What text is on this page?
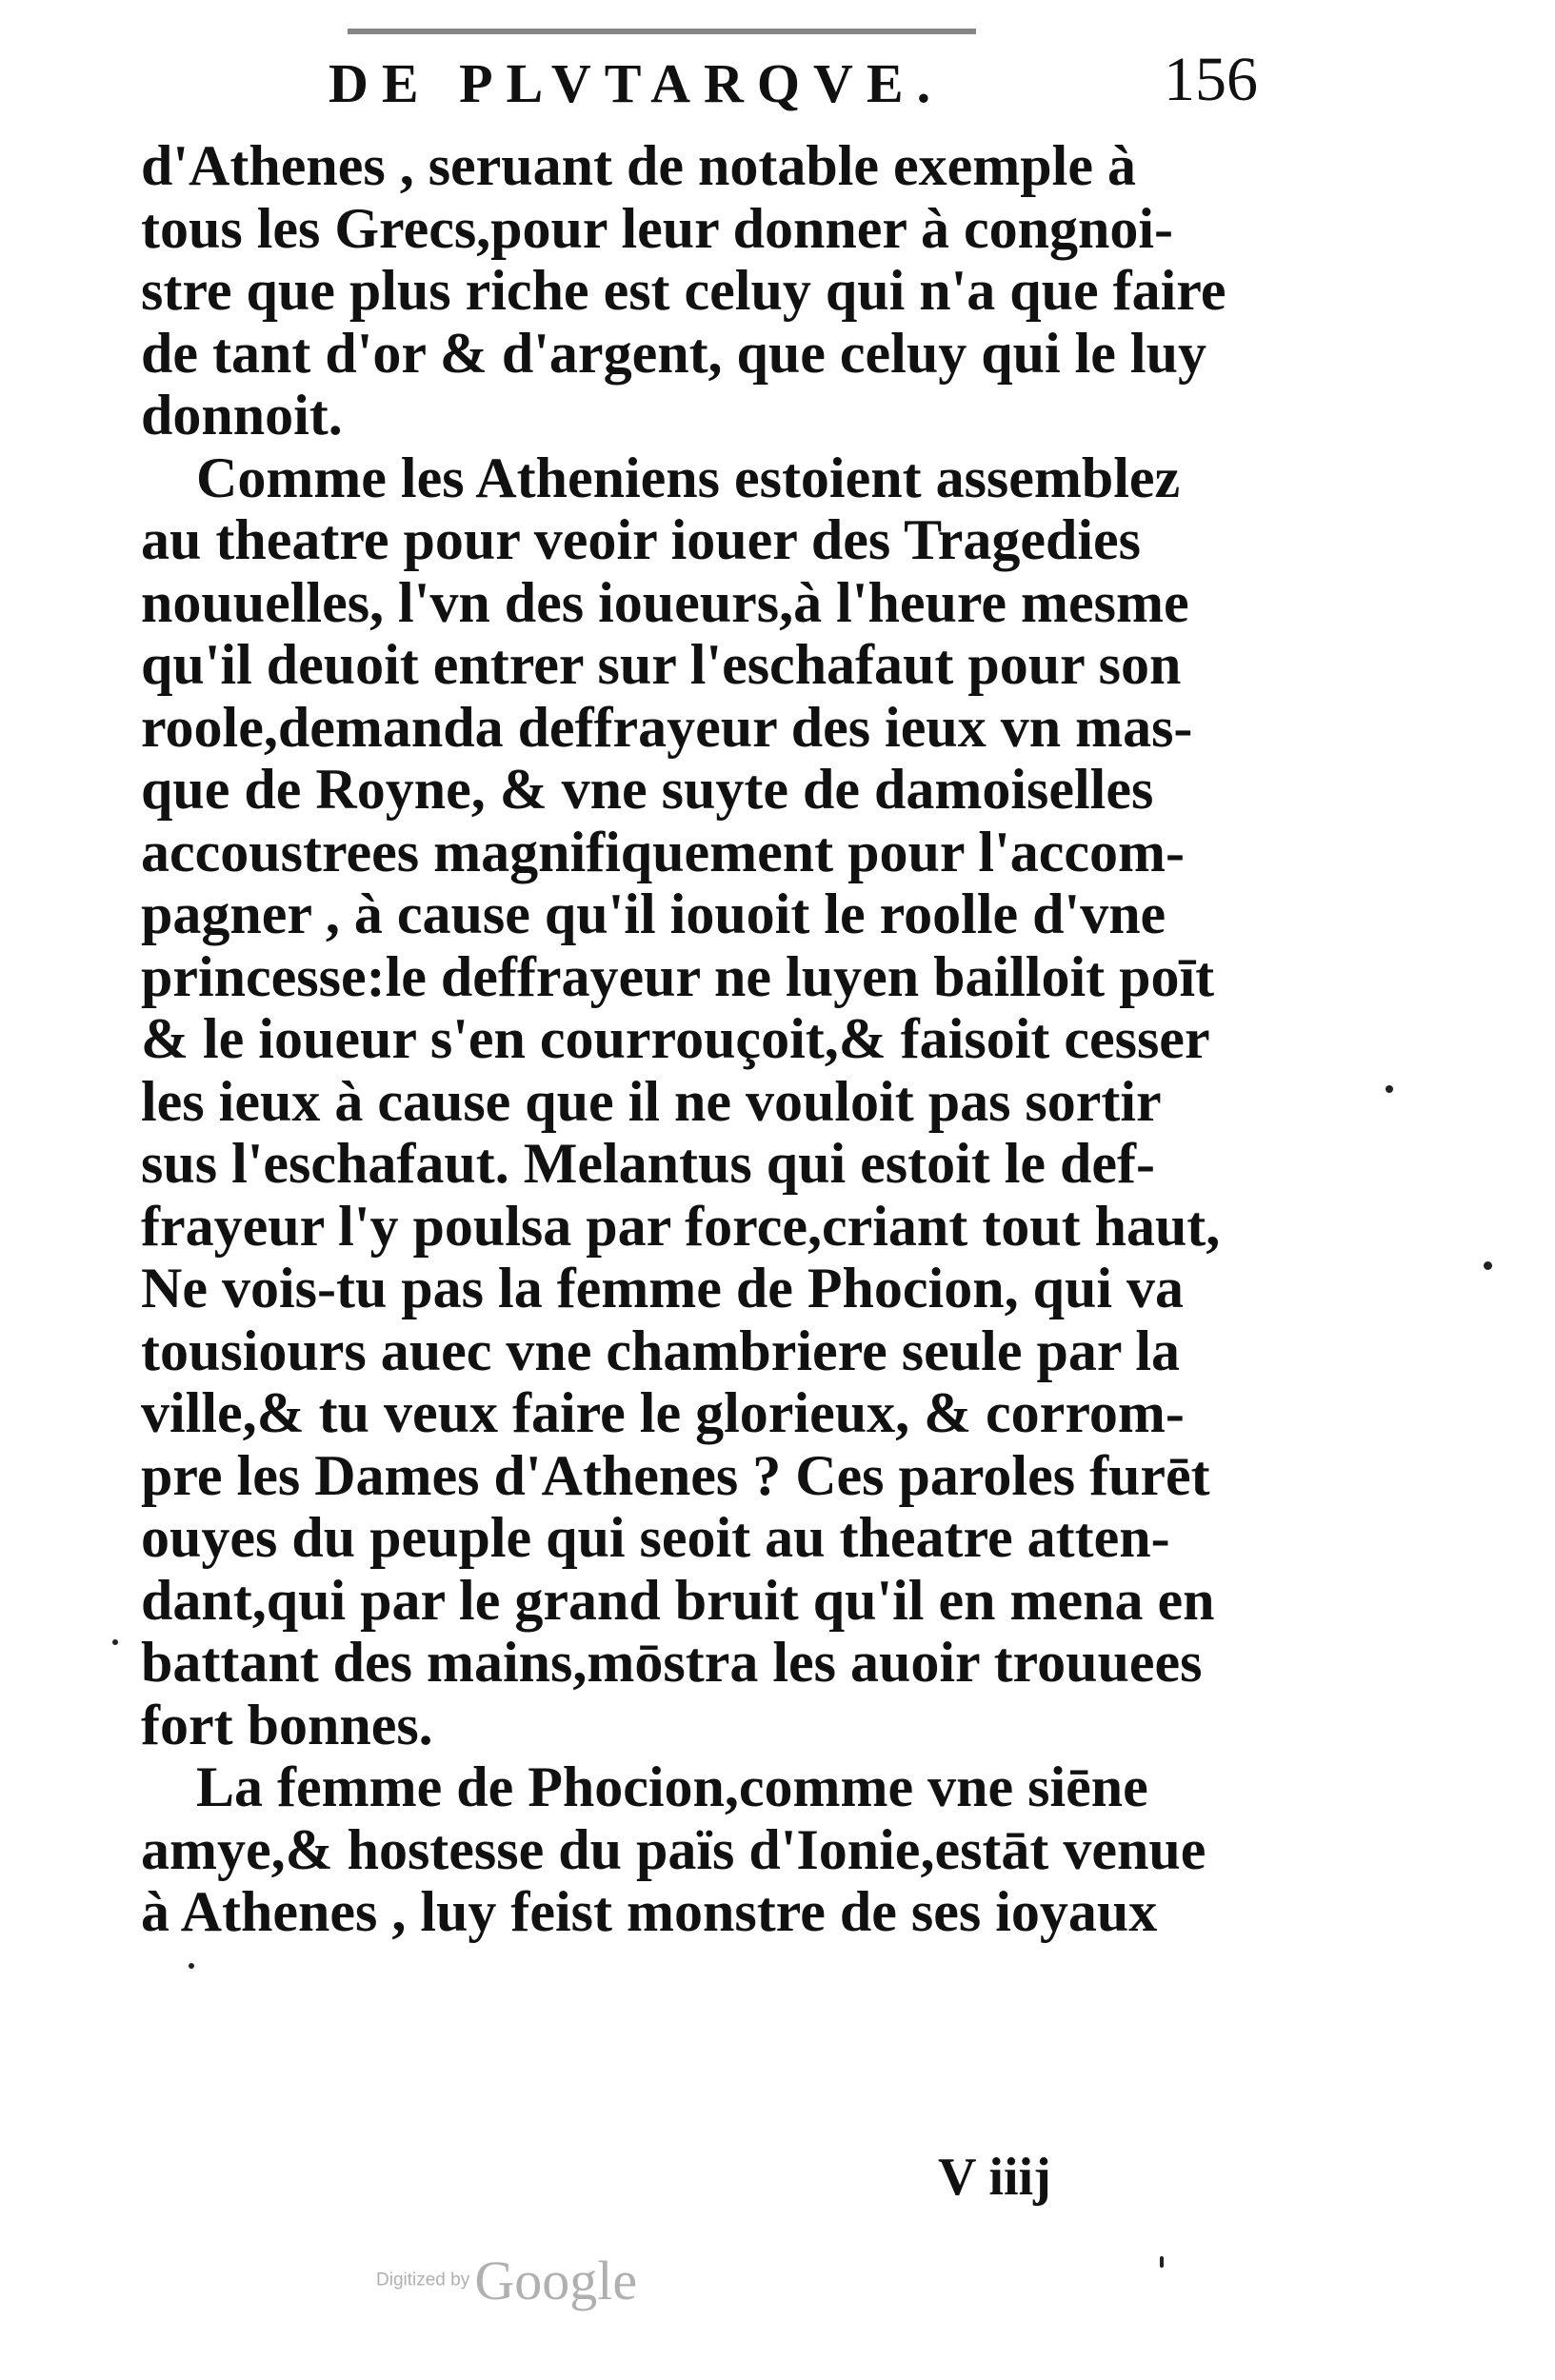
DE PLVTARQVE.	156
d'Athenes , seruant de notable exemple à
tous les Grecs,pour leur donner à congnoi-
stre que plus riche est celuy qui n'a que faire
de tant d'or & d'argent, que celuy qui le luy
donnoit.
Comme les Atheniens estoient assemblez
au theatre pour veoir iouer des Tragedies
nouuelles, l'vn des ioueurs,à l'heure mesme
qu'il deuoit entrer sur l'eschafaut pour son
roole,demanda deffrayeur des ieux vn mas-
que de Royne, & vne suyte de damoiselles
accoustrees magnifiquement pour l'accom-
pagner , à cause qu'il iouoit le roolle d'vne
princesse:le deffrayeur ne luyen bailloit poīt
& le ioueur s'en courrouçoit,& faisoit cesser
les ieux à cause que il ne vouloit pas sortir
sus l'eschafaut. Melantus qui estoit le def-
frayeur l'y poulsa par force,criant tout haut,
Ne vois-tu pas la femme de Phocion, qui va
tousiours auec vne chambriere seule par la
ville,& tu veux faire le glorieux, & corrom-
pre les Dames d'Athenes ? Ces paroles furēt
ouyes du peuple qui seoit au theatre atten-
dant,qui par le grand bruit qu'il en mena en
battant des mains,mōstra les auoir trouuees
fort bonnes.
La femme de Phocion,comme vne siēne
amye,& hostesse du païs d'Ionie,estāt venue
à Athenes , luy feist monstre de ses ioyaux
V iiij
Digitized by Google
